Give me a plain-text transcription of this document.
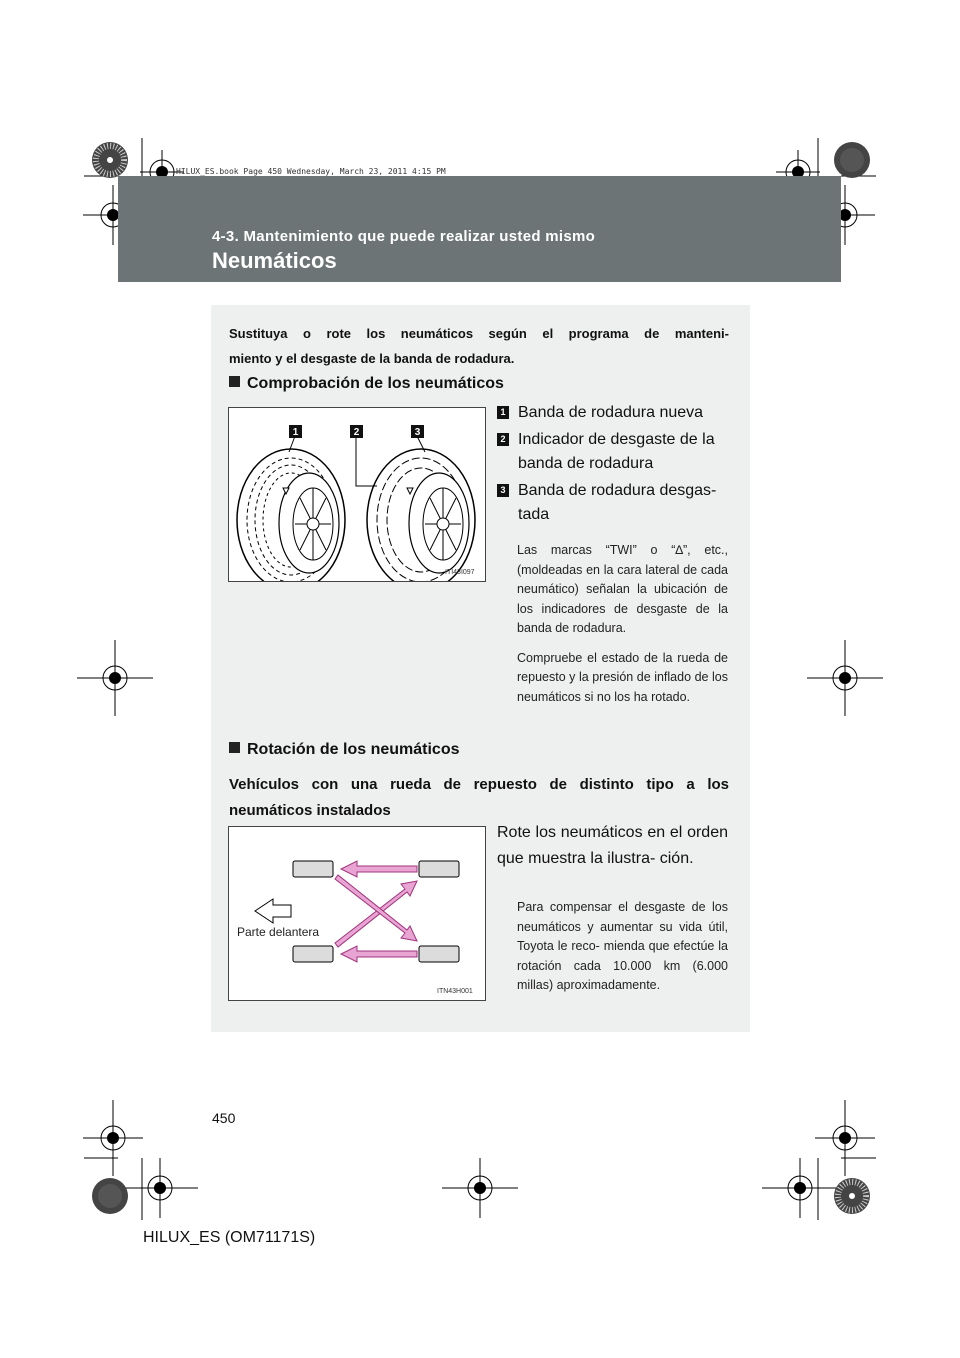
HILUX_ES.book Page 450 Wednesday, March 23, 2011 4:15 PM
4-3. Mantenimiento que puede realizar usted mismo
Neumáticos
Sustituya o rote los neumáticos según el programa de manteni-
miento y el desgaste de la banda de rodadura.
Comprobación de los neumáticos
1	2	3
ITI43I097
1 Banda de rodadura nueva
2 Indicador de desgaste de la banda de rodadura
3 Banda de rodadura desgas- tada
Las marcas “TWI” o “∆”, etc., (moldeadas en la cara lateral de cada neumático) señalan la ubicación de los indicadores de desgaste de la banda de rodadura.
Compruebe el estado de la rueda de repuesto y la presión de inflado de los neumáticos si no los ha rotado.
Rotación de los neumáticos
Vehículos con una rueda de repuesto de distinto tipo a los neumáticos instalados
Parte delantera
ITN43H001
Rote los neumáticos en el orden que muestra la ilustra- ción.
Para compensar el desgaste de los neumáticos y aumentar su vida útil, Toyota le reco- mienda que efectúe la rotación cada 10.000 km (6.000 millas) aproximadamente.
450
HILUX_ES (OM71171S)
